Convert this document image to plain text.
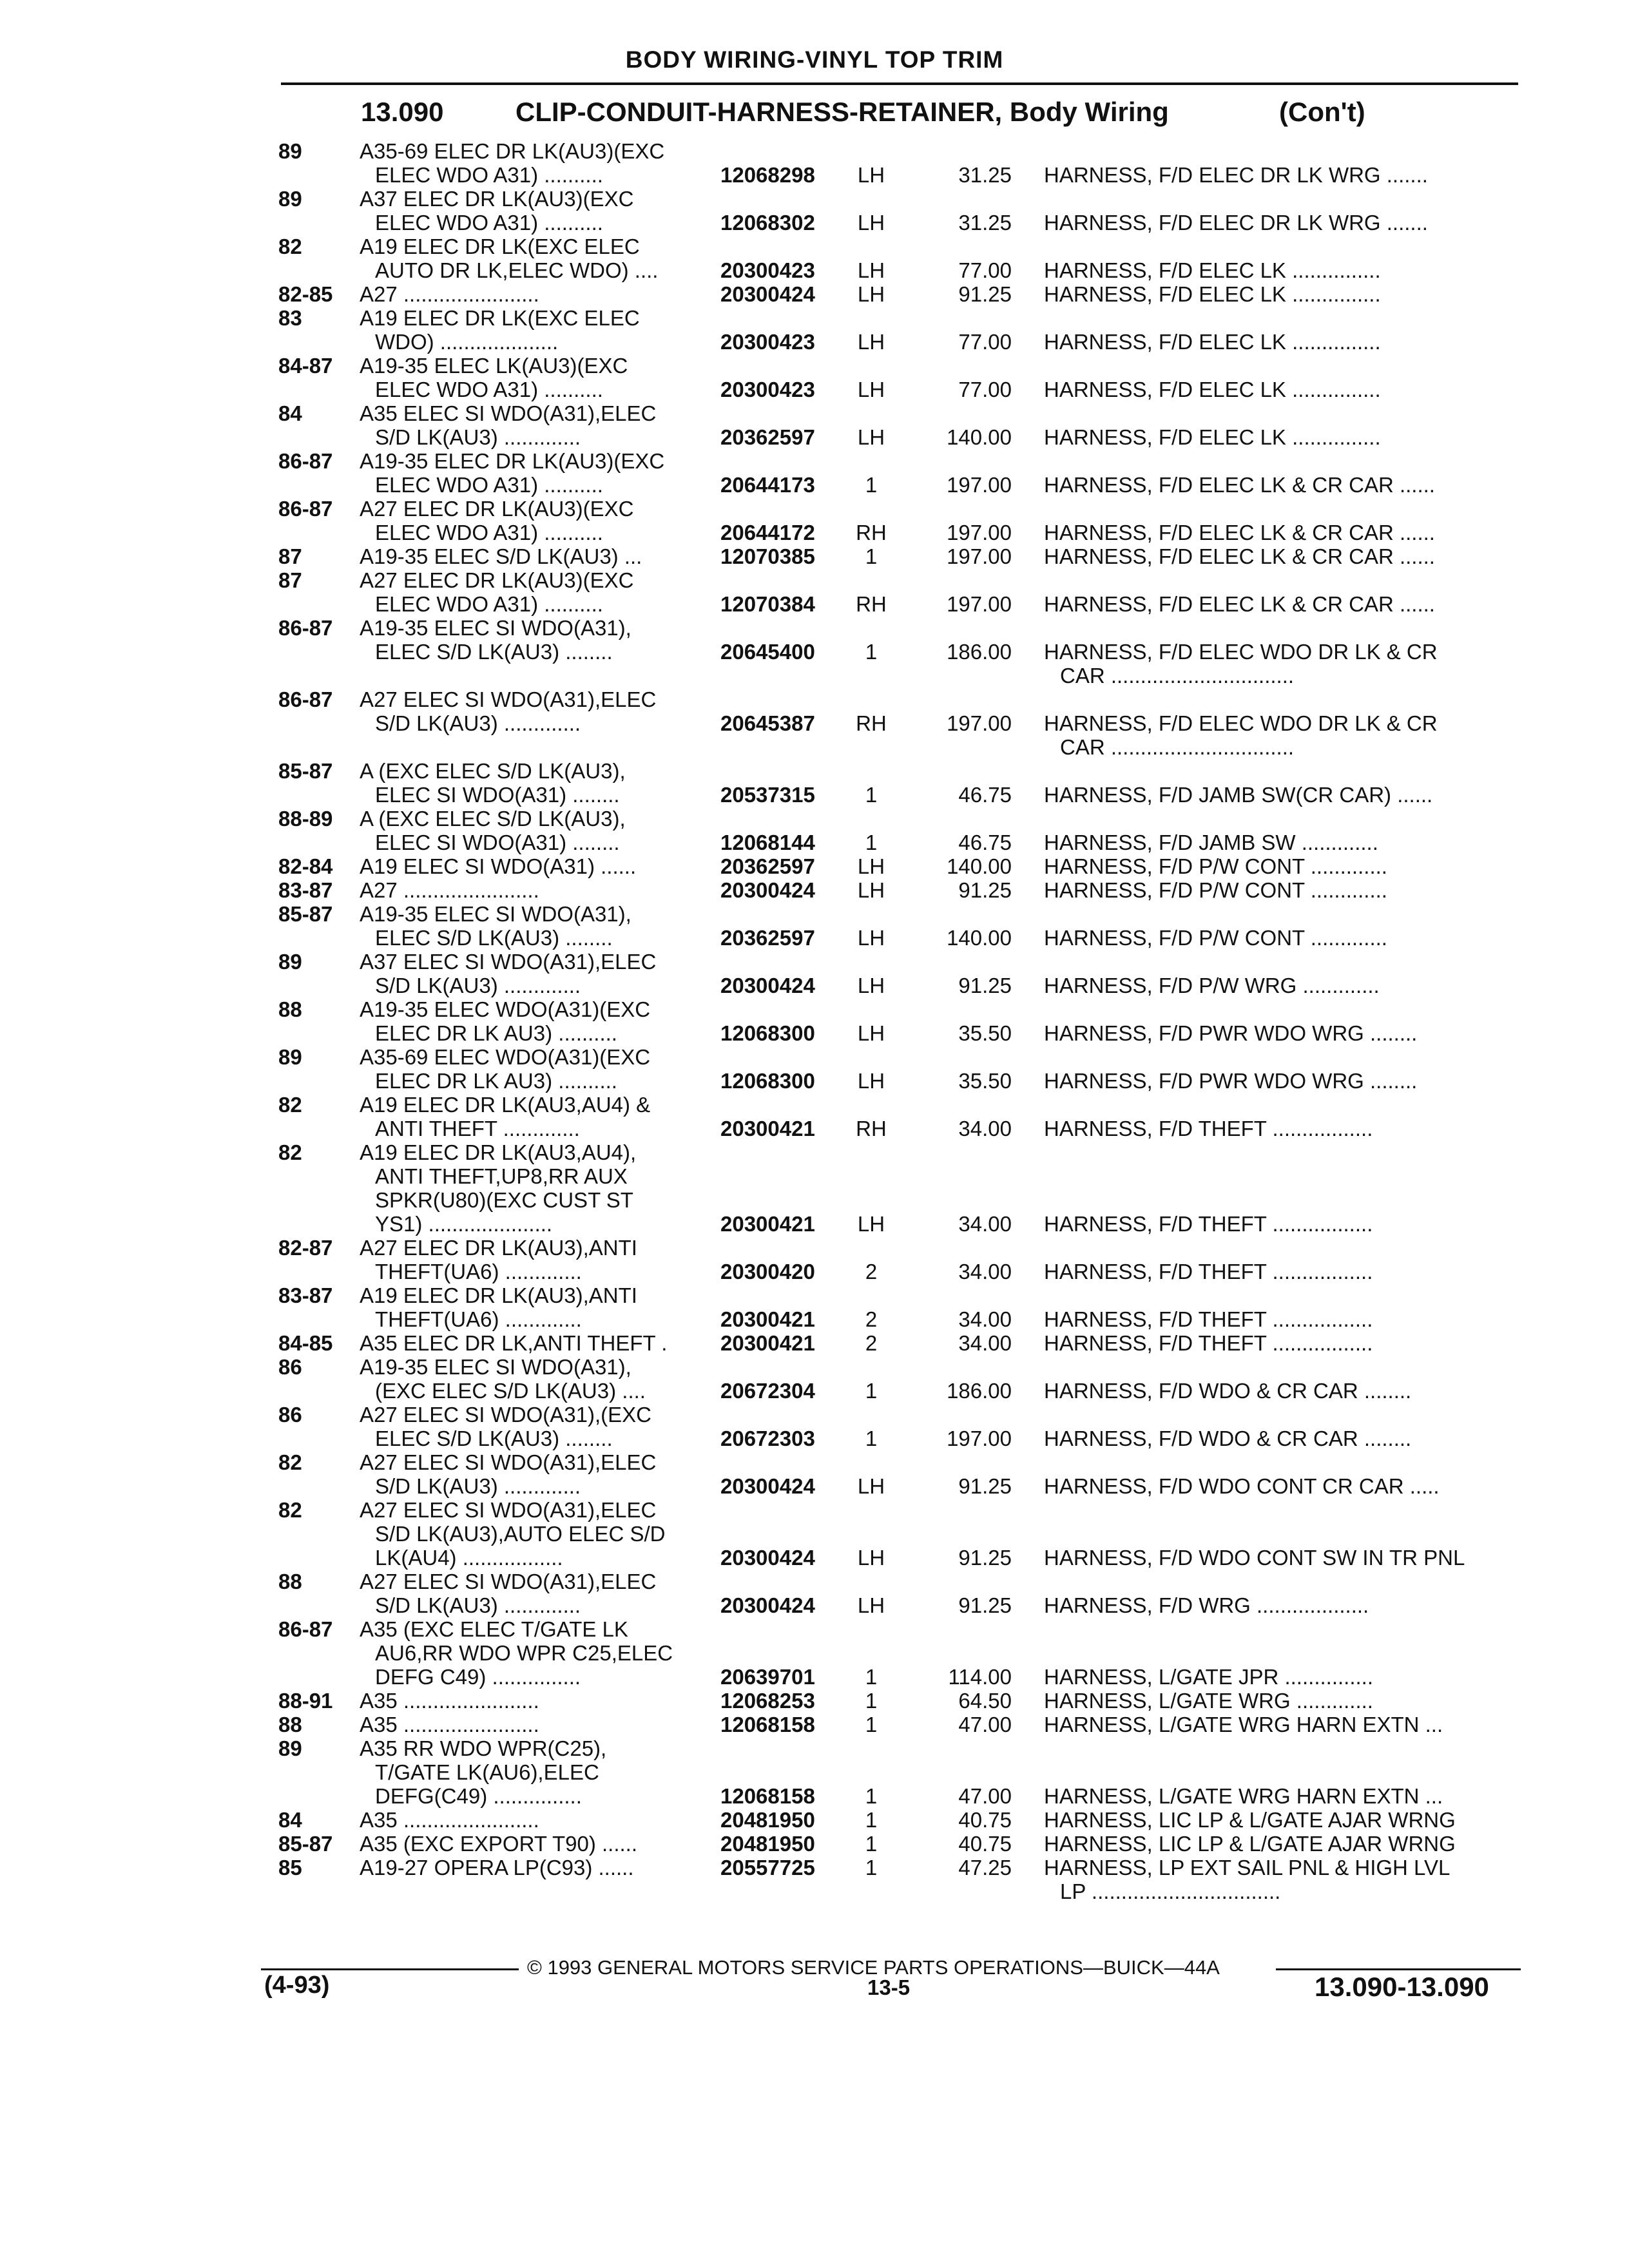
BODY WIRING-VINYL TOP TRIM
13.090	CLIP-CONDUIT-HARNESS-RETAINER, Body Wiring	(Con't)
89	A35-69 ELEC DR LK(AU3)(EXC
ELEC WDO A31) ..........	12068298	LH	31.25 HARNESS, F/D ELEC DR LK WRG .......
89	A37 ELEC DR LK(AU3)(EXC
ELEC WDO A31) ..........	12068302	LH	31.25 HARNESS, F/D ELEC DR LK WRG .......
82	A19 ELEC DR LK(EXC ELEC
AUTO DR LK,ELEC WDO) ....	20300423	LH	77.00 HARNESS, F/D ELEC LK ...............
82-85 A27 .......................	20300424	LH	91.25 HARNESS, F/D ELEC LK ...............
83	A19 ELEC DR LK(EXC ELEC
WDO) ....................	20300423	LH	77.00 HARNESS, F/D ELEC LK ...............
84-87 A19-35 ELEC LK(AU3)(EXC
ELEC WDO A31) ..........	20300423	LH	77.00 HARNESS, F/D ELEC LK ...............
84	A35 ELEC SI WDO(A31),ELEC
S/D LK(AU3) .............	20362597	LH	140.00 HARNESS, F/D ELEC LK ...............
86-87 A19-35 ELEC DR LK(AU3)(EXC
ELEC WDO A31) ..........	20644173	1	197.00 HARNESS, F/D ELEC LK & CR CAR ......
86-87 A27 ELEC DR LK(AU3)(EXC
ELEC WDO A31) ..........	20644172	RH	197.00 HARNESS, F/D ELEC LK & CR CAR ......
87	A19-35 ELEC S/D LK(AU3) ...	12070385	1	197.00 HARNESS, F/D ELEC LK & CR CAR ......
87	A27 ELEC DR LK(AU3)(EXC
ELEC WDO A31) ..........	12070384	RH	197.00 HARNESS, F/D ELEC LK & CR CAR ......
86-87 A19-35 ELEC SI WDO(A31),
ELEC S/D LK(AU3) ........	20645400	1	186.00 HARNESS, F/D ELEC WDO DR LK & CR
CAR ...............................
86-87 A27 ELEC SI WDO(A31),ELEC
S/D LK(AU3) .............	20645387	RH	197.00 HARNESS, F/D ELEC WDO DR LK & CR
CAR ...............................
85-87 A (EXC ELEC S/D LK(AU3),
ELEC SI WDO(A31) ........	20537315	1	46.75 HARNESS, F/D JAMB SW(CR CAR) ......
88-89 A (EXC ELEC S/D LK(AU3),
ELEC SI WDO(A31) ........	12068144	1	46.75 HARNESS, F/D JAMB SW .............
82-84 A19 ELEC SI WDO(A31) ......	20362597	LH	140.00 HARNESS, F/D P/W CONT .............
83-87 A27 .......................	20300424	LH	91.25 HARNESS, F/D P/W CONT .............
85-87 A19-35 ELEC SI WDO(A31),
ELEC S/D LK(AU3) ........	20362597	LH	140.00 HARNESS, F/D P/W CONT .............
89	A37 ELEC SI WDO(A31),ELEC
S/D LK(AU3) .............	20300424	LH	91.25 HARNESS, F/D P/W WRG .............
88	A19-35 ELEC WDO(A31)(EXC
ELEC DR LK AU3) ..........	12068300	LH	35.50 HARNESS, F/D PWR WDO WRG ........
89	A35-69 ELEC WDO(A31)(EXC
ELEC DR LK AU3) ..........	12068300	LH	35.50 HARNESS, F/D PWR WDO WRG ........
82	A19 ELEC DR LK(AU3,AU4) &
ANTI THEFT .............	20300421	RH	34.00 HARNESS, F/D THEFT .................
82	A19 ELEC DR LK(AU3,AU4),
ANTI THEFT,UP8,RR AUX
SPKR(U80)(EXC CUST ST
YS1) .....................	20300421	LH	34.00 HARNESS, F/D THEFT .................
82-87 A27 ELEC DR LK(AU3),ANTI
THEFT(UA6) .............	20300420	2	34.00 HARNESS, F/D THEFT .................
83-87 A19 ELEC DR LK(AU3),ANTI
THEFT(UA6) .............	20300421	2	34.00 HARNESS, F/D THEFT .................
84-85 A35 ELEC DR LK,ANTI THEFT .	20300421	2	34.00 HARNESS, F/D THEFT .................
86	A19-35 ELEC SI WDO(A31),
(EXC ELEC S/D LK(AU3) ....	20672304	1	186.00 HARNESS, F/D WDO & CR CAR ........
86	A27 ELEC SI WDO(A31),(EXC
ELEC S/D LK(AU3) ........	20672303	1	197.00 HARNESS, F/D WDO & CR CAR ........
82	A27 ELEC SI WDO(A31),ELEC
S/D LK(AU3) .............	20300424	LH	91.25 HARNESS, F/D WDO CONT CR CAR .....
82	A27 ELEC SI WDO(A31),ELEC
S/D LK(AU3),AUTO ELEC S/D
LK(AU4) .................	20300424	LH	91.25 HARNESS, F/D WDO CONT SW IN TR PNL
88	A27 ELEC SI WDO(A31),ELEC
S/D LK(AU3) .............	20300424	LH	91.25 HARNESS, F/D WRG ...................
86-87 A35 (EXC ELEC T/GATE LK
AU6,RR WDO WPR C25,ELEC
DEFG C49) ...............	20639701	1	114.00 HARNESS, L/GATE JPR ...............
88-91 A35 .......................	12068253	1	64.50 HARNESS, L/GATE WRG .............
88	A35 .......................	12068158	1	47.00 HARNESS, L/GATE WRG HARN EXTN ...
89	A35 RR WDO WPR(C25),
T/GATE LK(AU6),ELEC
DEFG(C49) ...............	12068158	1	47.00 HARNESS, L/GATE WRG HARN EXTN ...
84	A35 .......................	20481950	1	40.75 HARNESS, LIC LP & L/GATE AJAR WRNG
85-87 A35 (EXC EXPORT T90) ......	20481950	1	40.75 HARNESS, LIC LP & L/GATE AJAR WRNG
85	A19-27 OPERA LP(C93) ......	20557725	1	47.25 HARNESS, LP EXT SAIL PNL & HIGH LVL
LP ................................
© 1993 GENERAL MOTORS SERVICE PARTS OPERATIONS—BUICK—44A
(4-93)	13-5	13.090-13.090
